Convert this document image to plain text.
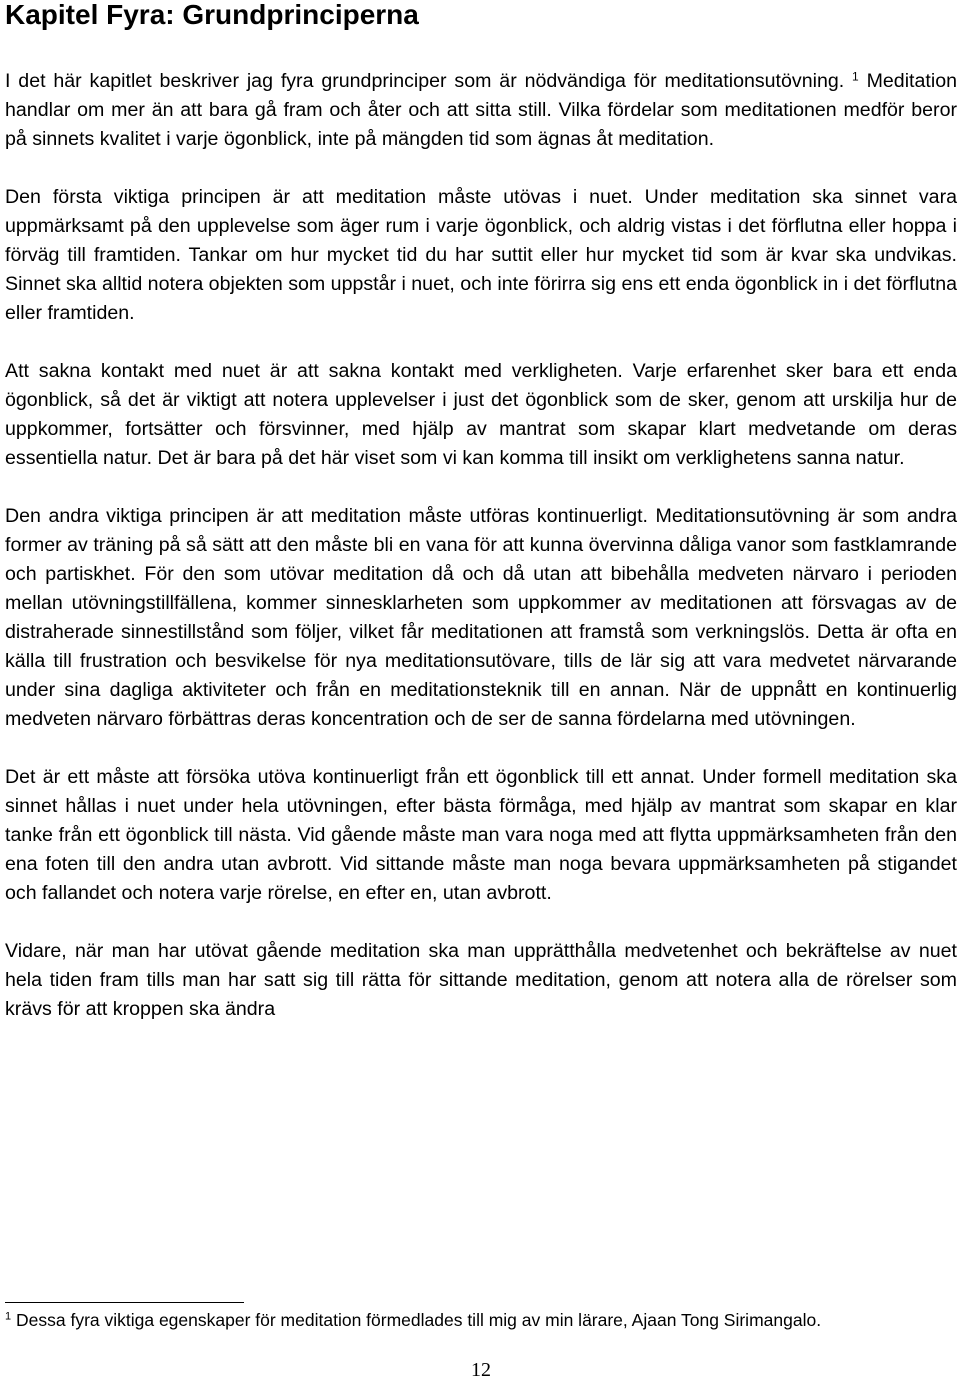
Kapitel Fyra: Grundprinciperna

I det här kapitlet beskriver jag fyra grundprinciper som är nödvändiga för meditationsutövning. $^1$ Meditation handlar om mer än att bara gå fram och åter och att sitta still. Vilka fördelar som meditationen medför beror på sinnets kvalitet i varje ögonblick, inte på mängden tid som ägnas åt meditation.

Den första viktiga principen är att meditation måste utövas i nuet. Under meditation ska sinnet vara uppmärksamt på den upplevelse som äger rum i varje ögonblick, och aldrig vistas i det förflutna eller hoppa i förväg till framtiden. Tankar om hur mycket tid du har suttit eller hur mycket tid som är kvar ska undvikas. Sinnet ska alltid notera objekten som uppstår i nuet, och inte förirra sig ens ett enda ögonblick in i det förflutna eller framtiden.

Att sakna kontakt med nuet är att sakna kontakt med verkligheten. Varje erfarenhet sker bara ett enda ögonblick, så det är viktigt att notera upplevelser i just det ögonblick som de sker, genom att urskilja hur de uppkommer, fortsätter och försvinner, med hjälp av mantrat som skapar klart medvetande om deras essentiella natur. Det är bara på det här viset som vi kan komma till insikt om verklighetens sanna natur.

Den andra viktiga principen är att meditation måste utföras kontinuerligt. Meditationsutövning är som andra former av träning på så sätt att den måste bli en vana för att kunna övervinna dåliga vanor som fastklamrande och partiskhet. För den som utövar meditation då och då utan att bibehålla medveten närvaro i perioden mellan utövningstillfällena, kommer sinnesklarheten som uppkommer av meditationen att försvagas av de distraherade sinnestillstånd som följer, vilket får meditationen att framstå som verkningslös. Detta är ofta en källa till frustration och besvikelse för nya meditationsutövare, tills de lär sig att vara medvetet närvarande under sina dagliga aktiviteter och från en meditationsteknik till en annan. När de uppnått en kontinuerlig medveten närvaro förbättras deras koncentration och de ser de sanna fördelarna med utövningen.

Det är ett måste att försöka utöva kontinuerligt från ett ögonblick till ett annat. Under formell meditation ska sinnet hållas i nuet under hela utövningen, efter bästa förmåga, med hjälp av mantrat som skapar en klar tanke från ett ögonblick till nästa. Vid gående måste man vara noga med att flytta uppmärksamheten från den ena foten till den andra utan avbrott. Vid sittande måste man noga bevara uppmärksamheten på stigandet och fallandet och notera varje rörelse, en efter en, utan avbrott.

Vidare, när man har utövat gående meditation ska man upprätthålla medvetenhet och bekräftelse av nuet hela tiden fram tills man har satt sig till rätta för sittande meditation, genom att notera alla de rörelser som krävs för att kroppen ska ändra

$^1$ Dessa fyra viktiga egenskaper för meditation förmedlades till mig av min lärare, Ajaan Tong Sirimangalo.
12
